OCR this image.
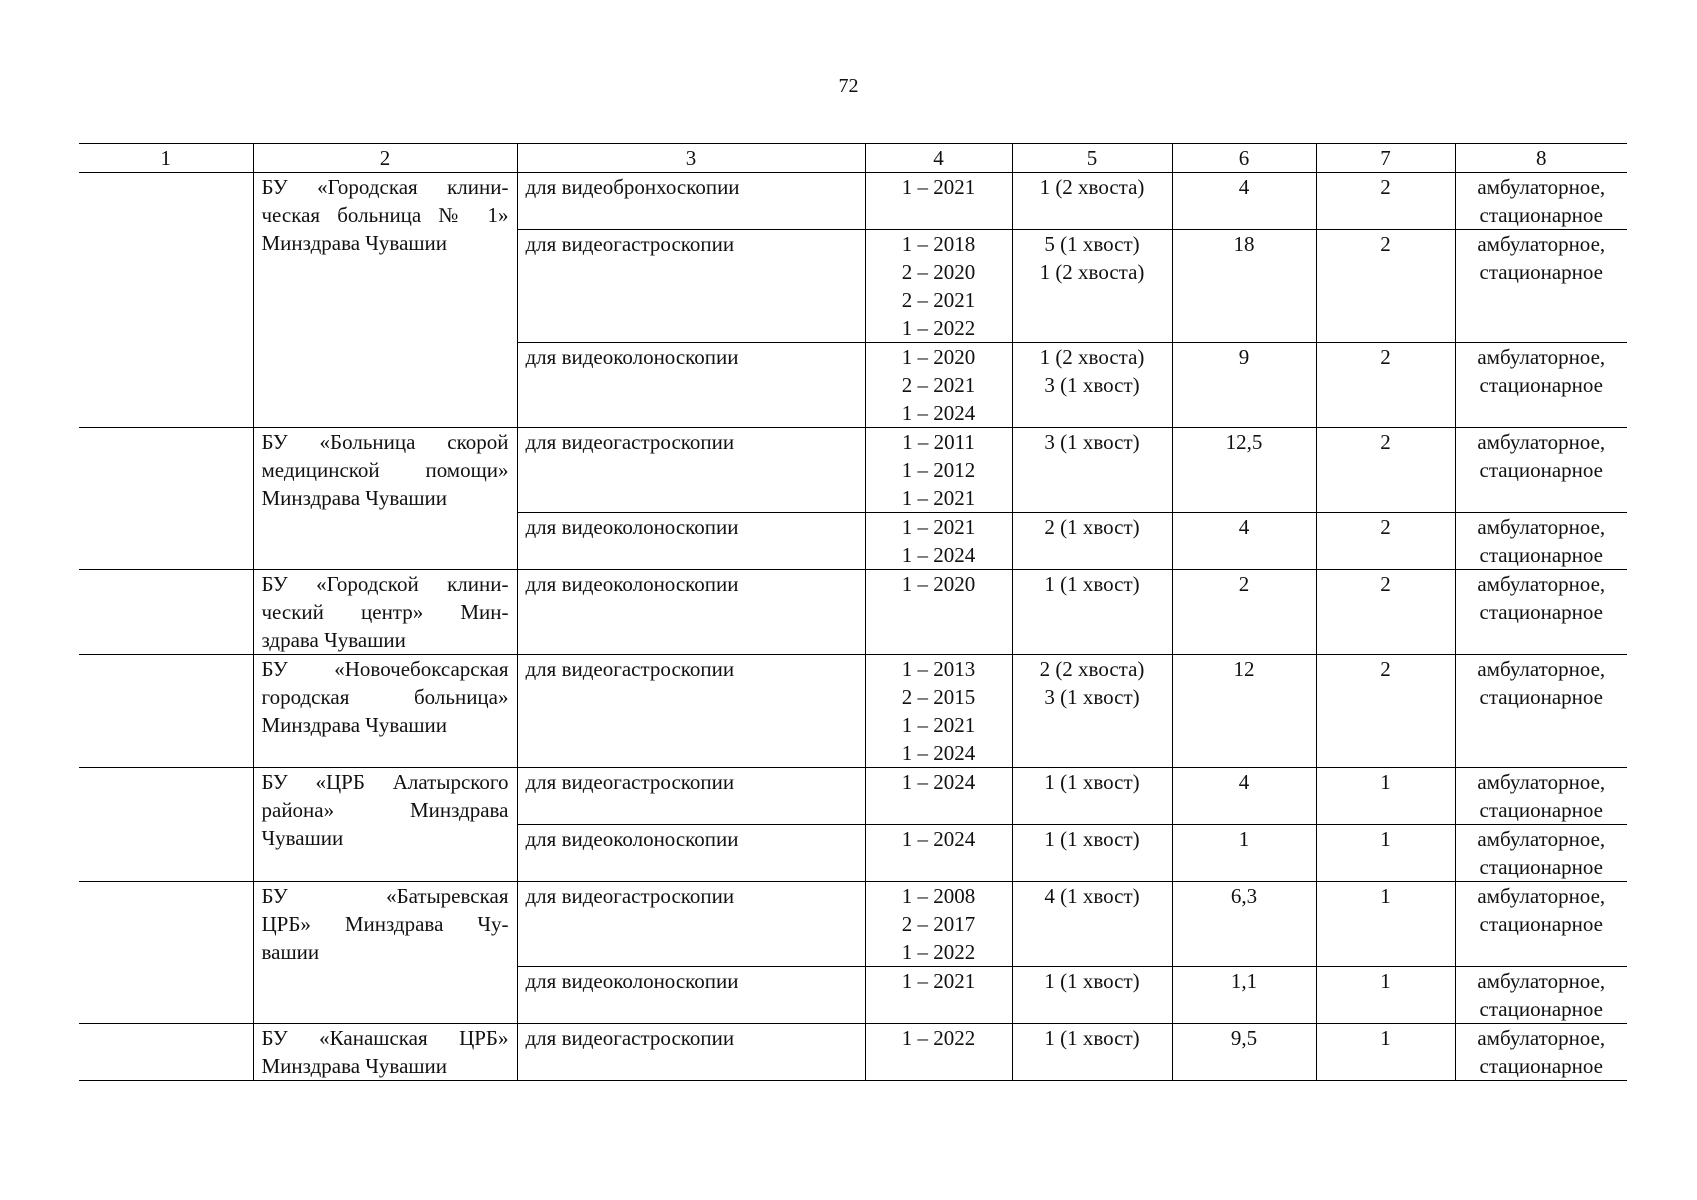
72
1	2	3	4	5	6	7	8

	БУ «Городская клини-
ческая больница № 1»
Минздрава Чувашии	для видеобронхоскопии	1 – 2021	1 (2 хвоста)	4	2	амбулаторное,
стационарное

		для видеогастроскопии	1 – 2018
2 – 2020
2 – 2021
1 – 2022	5 (1 хвост)
1 (2 хвоста)	18	2	амбулаторное,
стационарное

		для видеоколоноскопии	1 – 2020
2 – 2021
1 – 2024	1 (2 хвоста)
3 (1 хвост)	9	2	амбулаторное,
стационарное

	БУ «Больница скорой
медицинской помощи»
Минздрава Чувашии	для видеогастроскопии	1 – 2011
1 – 2012
1 – 2021	3 (1 хвост)	12,5	2	амбулаторное,
стационарное

		для видеоколоноскопии	1 – 2021
1 – 2024	2 (1 хвост)	4	2	амбулаторное,
стационарное

	БУ «Городской клини-
ческий центр» Мин-
здрава Чувашии	для видеоколоноскопии	1 – 2020	1 (1 хвост)	2	2	амбулаторное,
стационарное

	БУ «Новочебоксарская
городская больница»
Минздрава Чувашии	для видеогастроскопии	1 – 2013
2 – 2015
1 – 2021
1 – 2024	2 (2 хвоста)
3 (1 хвост)	12	2	амбулаторное,
стационарное

	БУ «ЦРБ Алатырского
района» Минздрава
Чувашии	для видеогастроскопии	1 – 2024	1 (1 хвост)	4	1	амбулаторное,
стационарное

		для видеоколоноскопии	1 – 2024	1 (1 хвост)	1	1	амбулаторное,
стационарное

	БУ «Батыревская
ЦРБ» Минздрава Чу-
вашии	для видеогастроскопии	1 – 2008
2 – 2017
1 – 2022	4 (1 хвост)	6,3	1	амбулаторное,
стационарное

		для видеоколоноскопии	1 – 2021	1 (1 хвост)	1,1	1	амбулаторное,
стационарное

	БУ «Канашская ЦРБ»
Минздрава Чувашии	для видеогастроскопии	1 – 2022	1 (1 хвост)	9,5	1	амбулаторное,
стационарное
